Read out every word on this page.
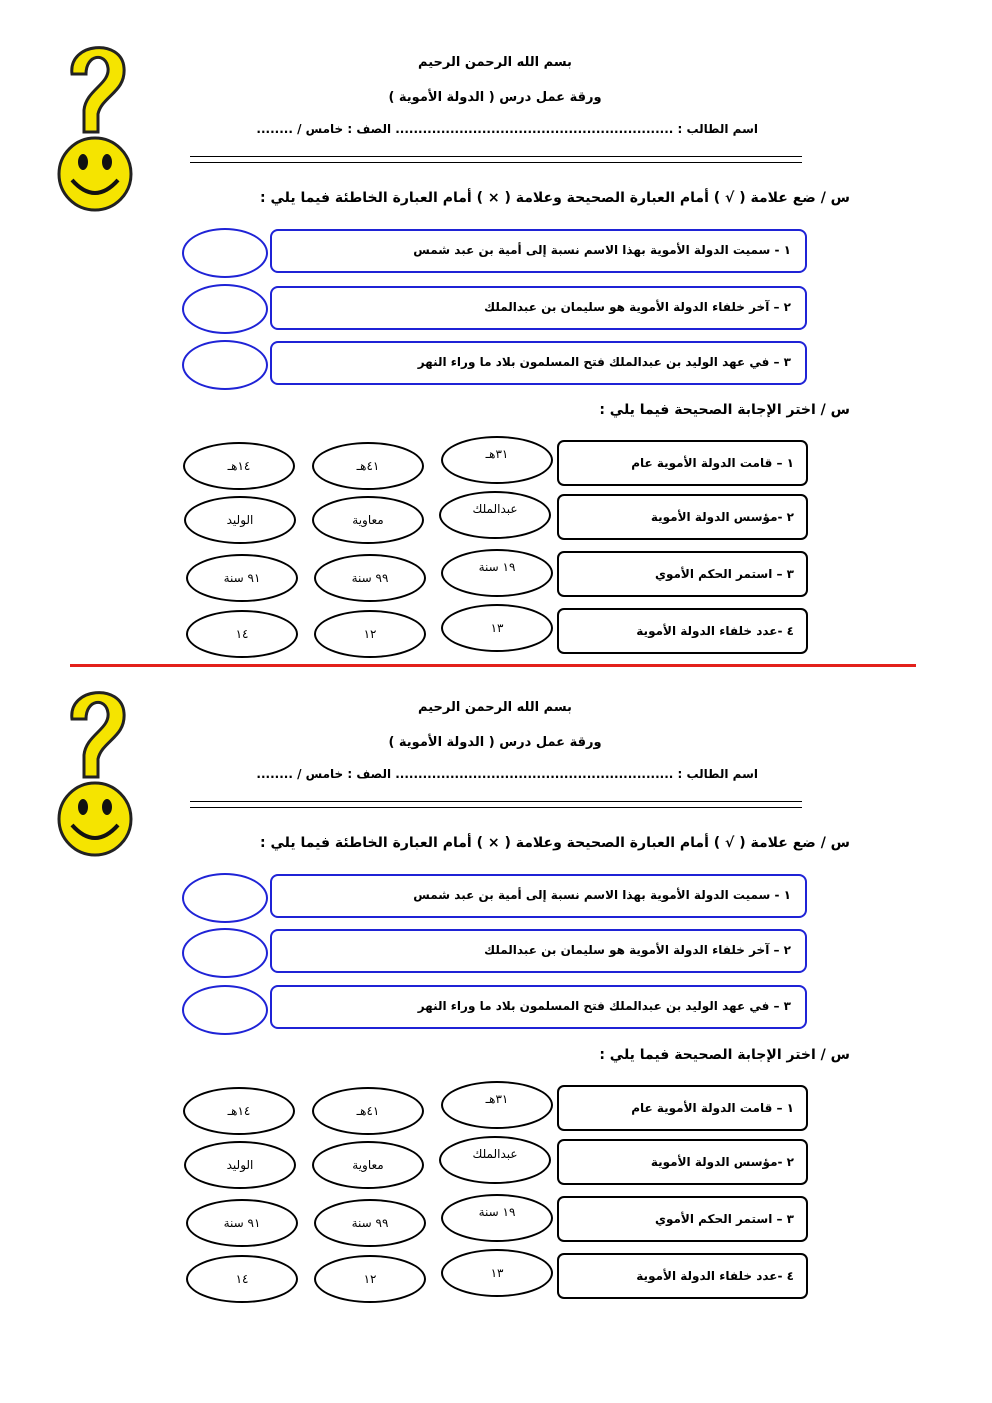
بسم الله الرحمن الرحيم
ورقة عمل درس ( الدولة الأموية )
اسم الطالب : ............................................................. الصف : خامس / ........
س / ضع علامة ( √ ) أمام العبارة الصحيحة وعلامة ( × ) أمام العبارة الخاطئة فيما يلي :
١ - سميت الدولة الأموية بهذا الاسم نسبة إلى أمية بن عبد شمس
٢ – آخر خلفاء الدولة الأموية هو سليمان بن عبدالملك
٣ – في عهد الوليد بن عبدالملك فتح المسلمون بلاد ما وراء النهر
س / اختر الإجابة الصحيحة فيما يلي :
١ – قامت الدولة الأموية عام
٣١هـ
٤١هـ
١٤هـ
٢ -مؤسس الدولة الأموية
عبدالملك
معاوية
الوليد
٣ – استمر الحكم الأموي
١٩ سنة
٩٩ سنة
٩١ سنة
٤ -عدد خلفاء الدولة الأموية
١٣
١٢
١٤
بسم الله الرحمن الرحيم
ورقة عمل درس ( الدولة الأموية )
اسم الطالب : ............................................................. الصف : خامس / ........
س / ضع علامة ( √ ) أمام العبارة الصحيحة وعلامة ( × ) أمام العبارة الخاطئة فيما يلي :
١ - سميت الدولة الأموية بهذا الاسم نسبة إلى أمية بن عبد شمس
٢ – آخر خلفاء الدولة الأموية هو سليمان بن عبدالملك
٣ – في عهد الوليد بن عبدالملك فتح المسلمون بلاد ما وراء النهر
س / اختر الإجابة الصحيحة فيما يلي :
١ – قامت الدولة الأموية عام
٣١هـ
٤١هـ
١٤هـ
٢ -مؤسس الدولة الأموية
عبدالملك
معاوية
الوليد
٣ – استمر الحكم الأموي
١٩ سنة
٩٩ سنة
٩١ سنة
٤ -عدد خلفاء الدولة الأموية
١٣
١٢
١٤
